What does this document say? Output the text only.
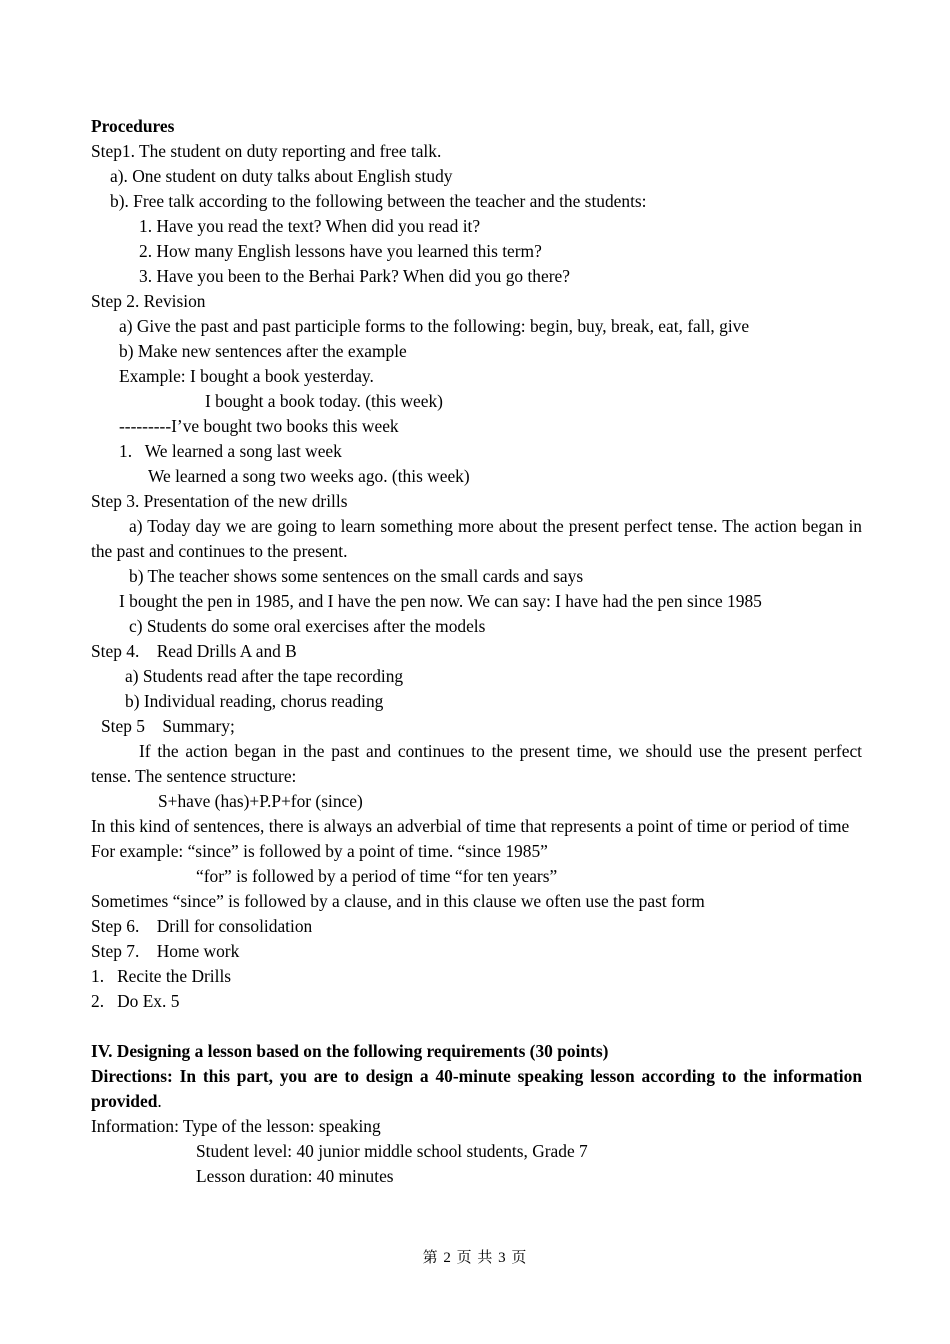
Procedures
Step1. The student on duty reporting and free talk.
a). One student on duty talks about English study
b). Free talk according to the following between the teacher and the students:
1. Have you read the text? When did you read it?
2. How many English lessons have you learned this term?
3. Have you been to the Berhai Park? When did you go there?
Step 2. Revision
a) Give the past and past participle forms to the following: begin, buy, break, eat, fall, give
b) Make new sentences after the example
Example: I bought a book yesterday.
I bought a book today. (this week)
---------I’ve bought two books this week
1.   We learned a song last week
We learned a song two weeks ago. (this week)
Step 3. Presentation of the new drills
a) Today day we are going to learn something more about the present perfect tense. The action began in the past and continues to the present.
b) The teacher shows some sentences on the small cards and says
I bought the pen in 1985, and I have the pen now. We can say: I have had the pen since 1985
c) Students do some oral exercises after the models
Step 4.    Read Drills A and B
a) Students read after the tape recording
b) Individual reading, chorus reading
Step 5    Summary;
If the action began in the past and continues to the present time, we should use the present perfect tense. The sentence structure:
S+have (has)+P.P+for (since)
In this kind of sentences, there is always an adverbial of time that represents a point of time or period of time
For example: “since” is followed by a point of time. “since 1985”
“for” is followed by a period of time “for ten years”
Sometimes “since” is followed by a clause, and in this clause we often use the past form
Step 6.    Drill for consolidation
Step 7.    Home work
1.   Recite the Drills
2.   Do Ex. 5
IV. Designing a lesson based on the following requirements (30 points)
Directions: In this part, you are to design a 40-minute speaking lesson according to the information provided.
Information: Type of the lesson: speaking
Student level: 40 junior middle school students, Grade 7
Lesson duration: 40 minutes
第 2 页 共 3 页
